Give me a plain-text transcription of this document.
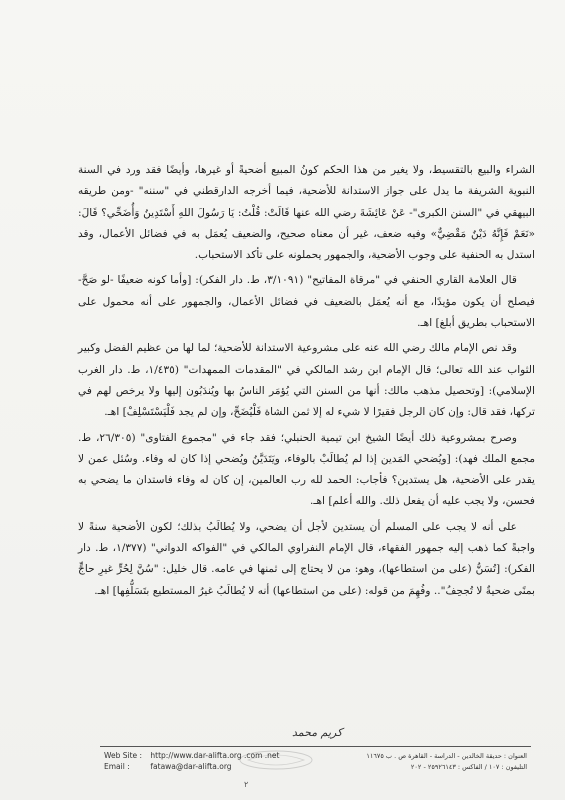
الشراء والبيع بالتقسيط، ولا يغير من هذا الحكم كونُ المبيع أضحيةً أو غيرها، وأيضًا فقد ورد في السنة النبوية الشريفة ما يدل على جواز الاستدانة للأضحية، فيما أخرجه الدارقطني في "سننه" -ومن طريقه البيهقي في "السنن الكبرى"- عَنْ عَائِشَةَ رضي الله عنها قَالَتْ: قُلْتُ: يَا رَسُولَ اللهِ أَسْتَدِينُ وَأُضَحِّي؟ قَالَ: «نَعَمْ فَإِنَّهُ دَيْنٌ مَقْضِيٌّ» وفيه ضعف، غير أن معناه صحيح، والضعيف يُعمَل به في فضائل الأعمال، وقد استدل به الحنفية على وجوب الأضحية، والجمهور يحملونه على تأكد الاستحباب.

قال العلامة القاري الحنفي في "مرقاة المفاتيح" (٣/١٠٩١، ط. دار الفكر): [وأما كونه ضعيفًا -لو صَحَّ- فيصلح أن يكون مؤيدًا، مع أنه يُعمَل بالضعيف في فضائل الأعمال، والجمهور على أنه محمول على الاستحباب بطريق أبلغ] اهـ.

وقد نص الإمام مالك رضي الله عنه على مشروعية الاستدانة للأضحية؛ لما لها من عظيم الفضل وكبير الثواب عند الله تعالى؛ قال الإمام ابن رشد المالكي في "المقدمات الممهدات" (١/٤٣٥، ط. دار الغرب الإسلامي): [وتحصيل مذهب مالك: أنها من السنن التي يُؤمَر الناسُ بها ويُندَبُون إليها ولا يرخص لهم في تركها، فقد قال: وإن كان الرجل فقيرًا لا شيء له إلا ثمن الشاة فَلْيُضَحِّ، وإن لم يجد فَلْيَسْتَسْلِفْ] اهـ.

وصرح بمشروعية ذلك أيضًا الشيخ ابن تيمية الحنبلي؛ فقد جاء في "مجموع الفتاوى" (٢٦/٣٠٥، ط. مجمع الملك فهد): [ويُضحي المَدين إذا لم يُطالَبْ بالوفاء، ويَتَدَيَّنُ ويُضحي إذا كان له وفاء. وسُئل عمن لا يقدر على الأضحية، هل يستدين؟ فأجاب: الحمد لله رب العالمين، إن كان له وفاء فاستدان ما يضحي به فحسن، ولا يجب عليه أن يفعل ذلك. والله أعلم] اهـ.

على أنه لا يجب على المسلم أن يستدين لأجل أن يضحي، ولا يُطالَبُ بذلك؛ لكون الأضحية سنةً لا واجبةً كما ذهب إليه جمهور الفقهاء، قال الإمام النفراوي المالكي في "الفواكه الدواني" (١/٣٧٧، ط. دار الفكر): [تُسَنُّ (على من استطاعها)، وهو: من لا يحتاج إلى ثمنها في عامه. قال خليل: "سُنَّ لِحُرٍّ غيرِ حاجٍّ بمنًى ضحيةٌ لا تُجحِفُ".. وفُهِمَ من قوله: (على من استطاعها) أنه لا يُطالَبُ غيرُ المستطيع بتَسَلُّفِها] اهـ.

كريم محمد
Web Site : http://www.dar-alifta.org .com .net
Email :	fatawa@dar-alifta.org
العنوان : حديقة الخالدين - الدراسة - القاهرة ص . ب ١١٦٧٥
التليفون : ١٠٧ / الفاكس : ٢٥٩٢٦١٤٣ - ٢٠٢
٢
